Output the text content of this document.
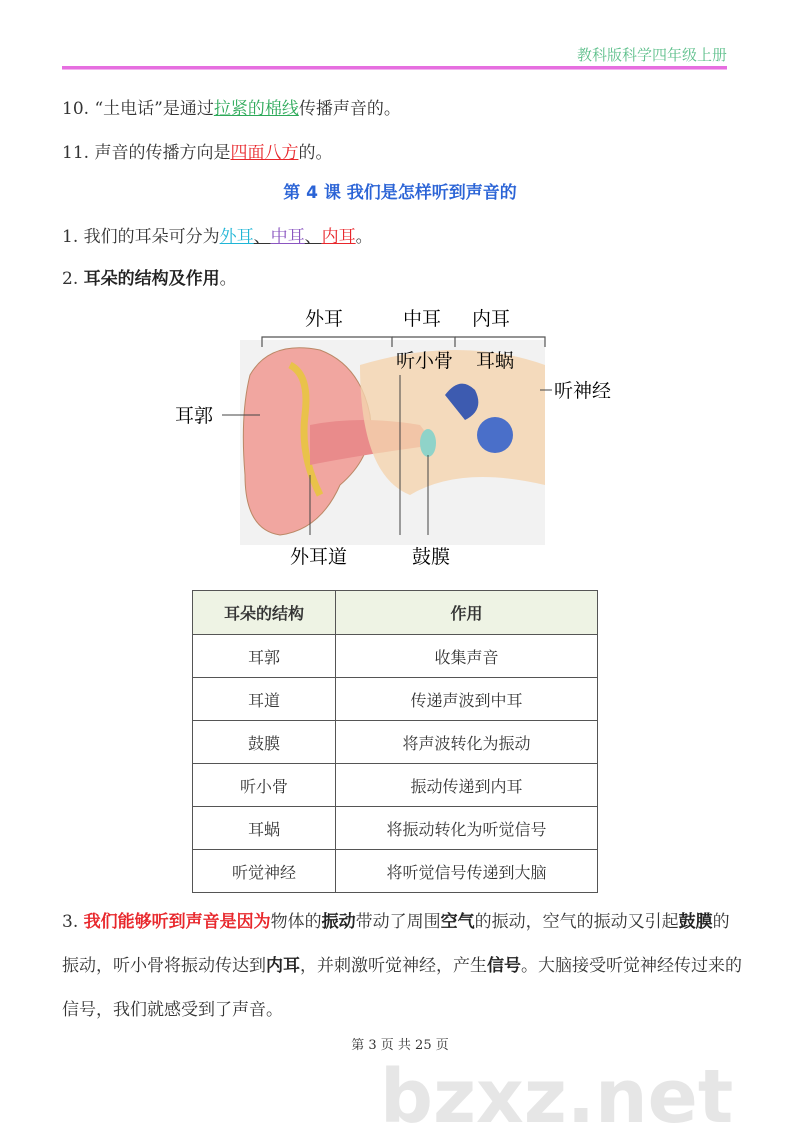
教科版科学四年级上册
10. “土电话”是通过拉紧的棉线传播声音的。
11. 声音的传播方向是四面八方的。
第 4 课 我们是怎样听到声音的
1. 我们的耳朵可分为外耳、中耳、内耳。
2. 耳朵的结构及作用。
外耳	中耳 内耳
听小骨 耳蜗
听神经
耳郭
外耳道	鼓膜
耳朵的结构	作用
耳郭	收集声音
耳道	传递声波到中耳
鼓膜	将声波转化为振动
听小骨	振动传递到内耳
耳蜗	将振动转化为听觉信号
听觉神经	将听觉信号传递到大脑
3. 我们能够听到声音是因为物体的振动带动了周围空气的振动，空气的振动又引起鼓膜的振动，听小骨将振动传达到内耳，并刺激听觉神经，产生信号。大脑接受听觉神经传过来的信号，我们就感受到了声音。
第 3 页 共 25 页
bzxz.net
